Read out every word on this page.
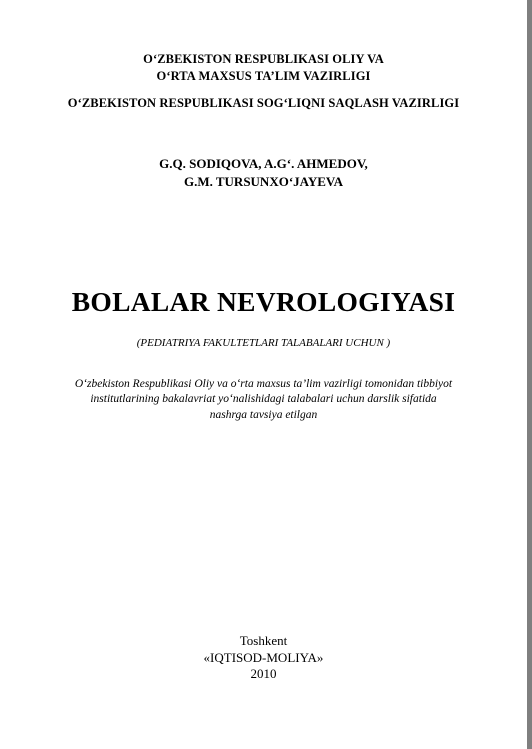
O‘ZBEKISTON RESPUBLIKASI OLIY VA
O‘RTA MAXSUS TA’LIM VAZIRLIGI
O‘ZBEKISTON RESPUBLIKASI SOG‘LIQNI SAQLASH VAZIRLIGI
G.Q. SODIQOVA, A.G‘. AHMEDOV,
G.M. TURSUNXO‘JAYEVA
BOLALAR NEVROLOGIYASI
(PEDIATRIYA FAKULTETLARI TALABALARI UCHUN )
O‘zbekiston Respublikasi Oliy va o‘rta maxsus ta’lim vazirligi tomonidan tibbiyot
institutlarining bakalavriat yo‘nalishidagi talabalari uchun darslik sifatida
nashrga tavsiya etilgan
Toshkent
«IQTISOD-MOLIYA»
2010
